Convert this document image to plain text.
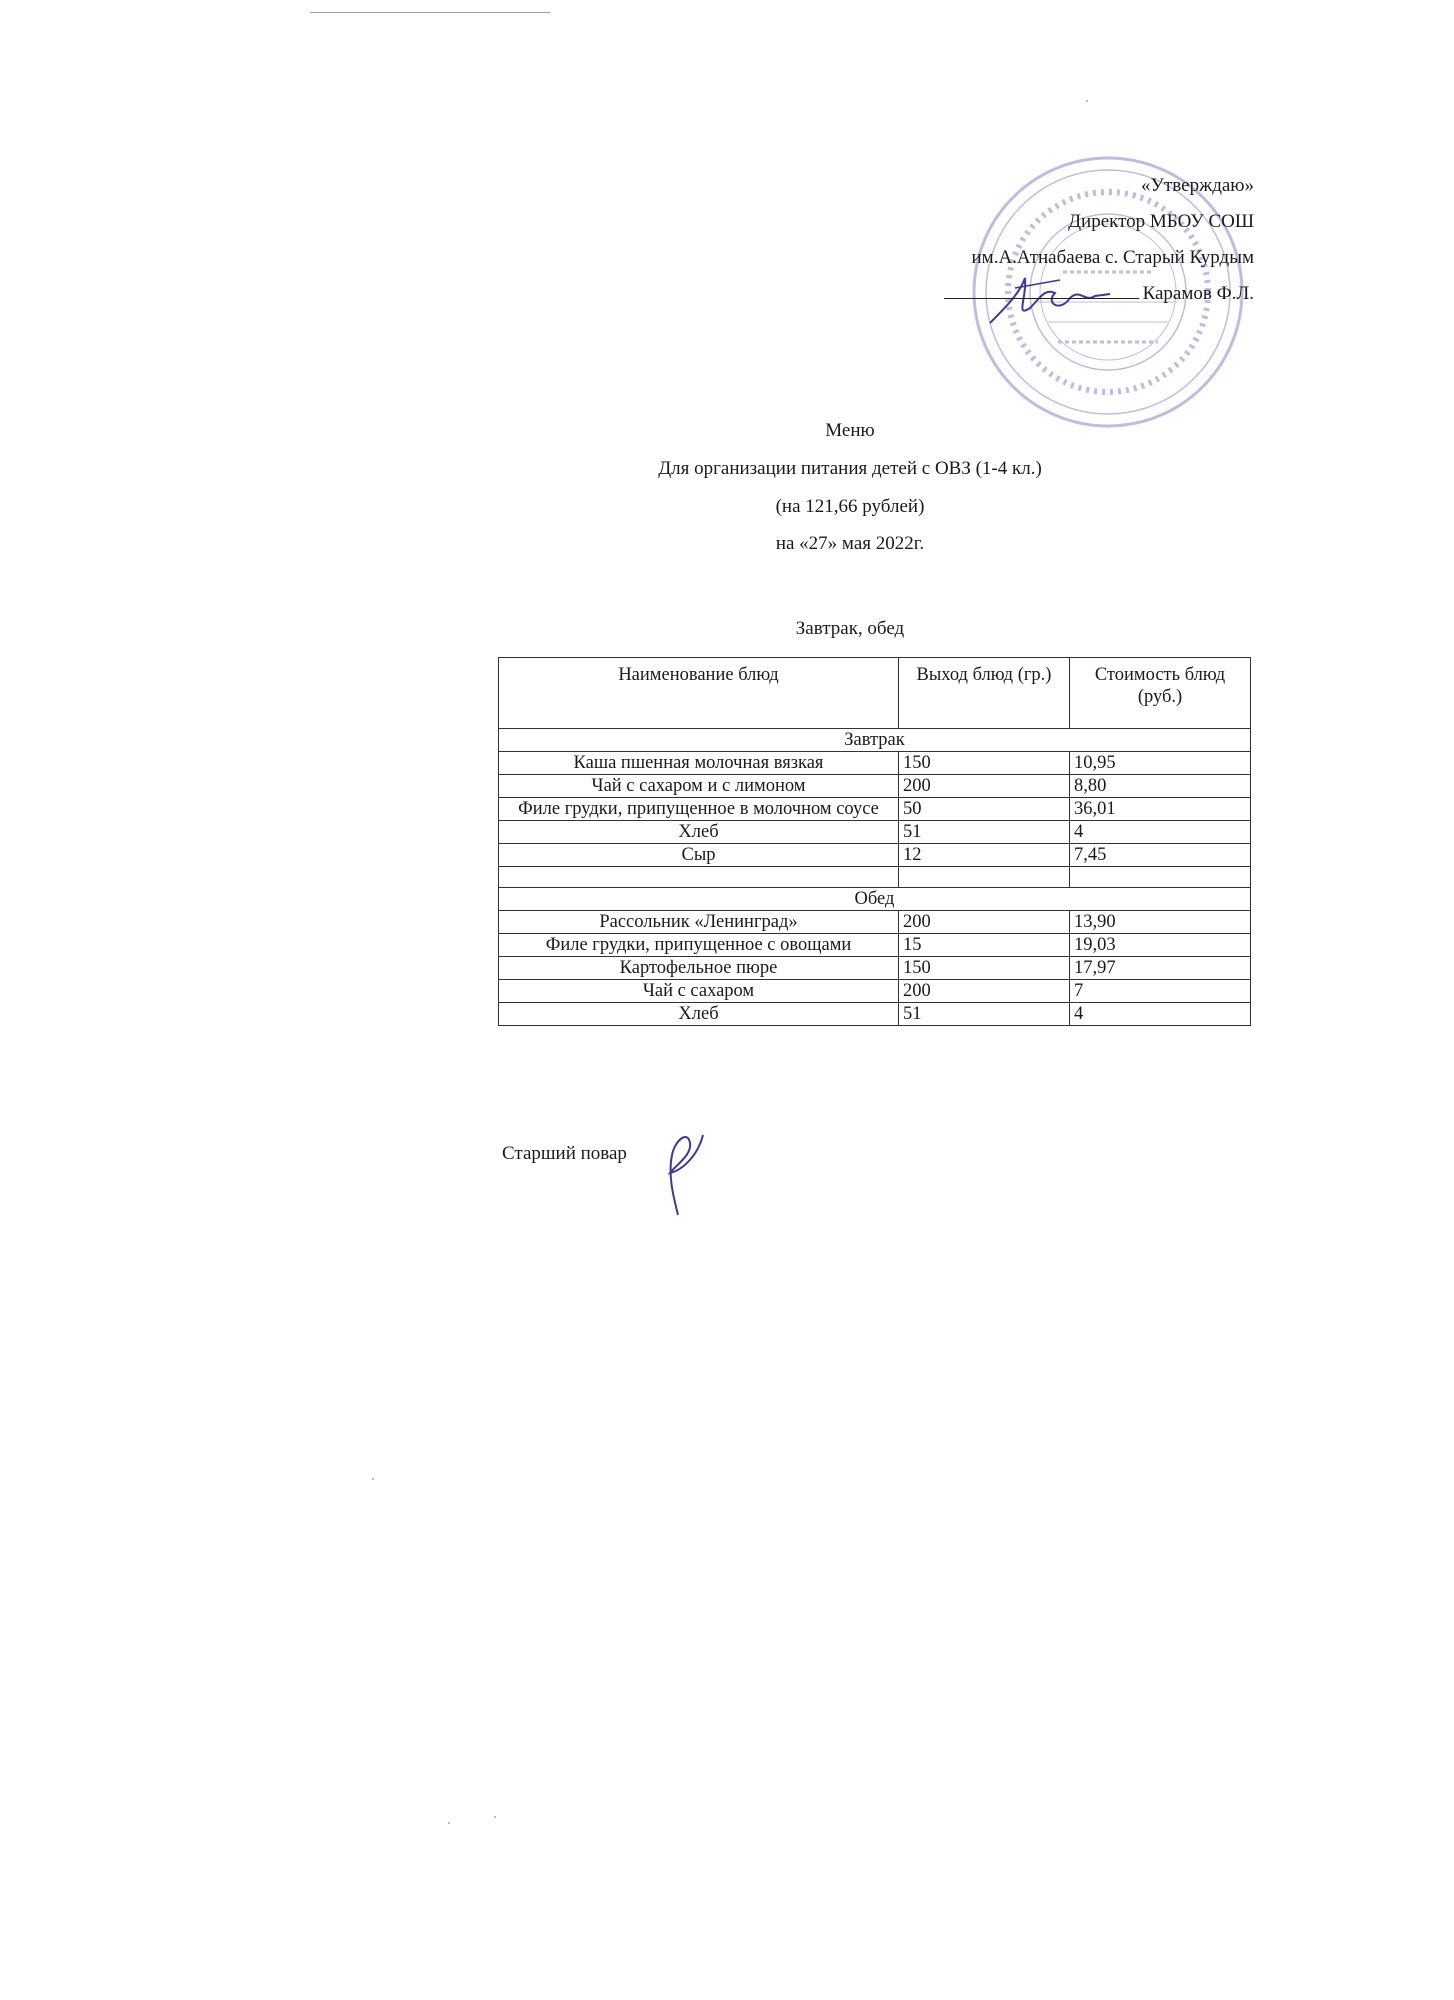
«Утверждаю»
Директор МБОУ СОШ
им.А.Атнабаева с. Старый Курдым
Карамов Ф.Л.
Меню
Для организации питания детей с ОВЗ (1-4 кл.)
(на 121,66 рублей)
на «27» мая 2022г.
Завтрак, обед
Наименование блюд	Выход блюд (гр.)	Стоимость блюд (руб.)
Завтрак		
Каша пшенная молочная вязкая	150	10,95
Чай с сахаром и с лимоном	200	8,80
Филе грудки, припущенное в молочном соусе	50	36,01
Хлеб	51	4
Сыр	12	7,45

Обед		
Рассольник «Ленинград»	200	13,90
Филе грудки, припущенное с овощами	15	19,03
Картофельное пюре	150	17,97
Чай с сахаром	200	7
Хлеб	51	4
Старший повар
